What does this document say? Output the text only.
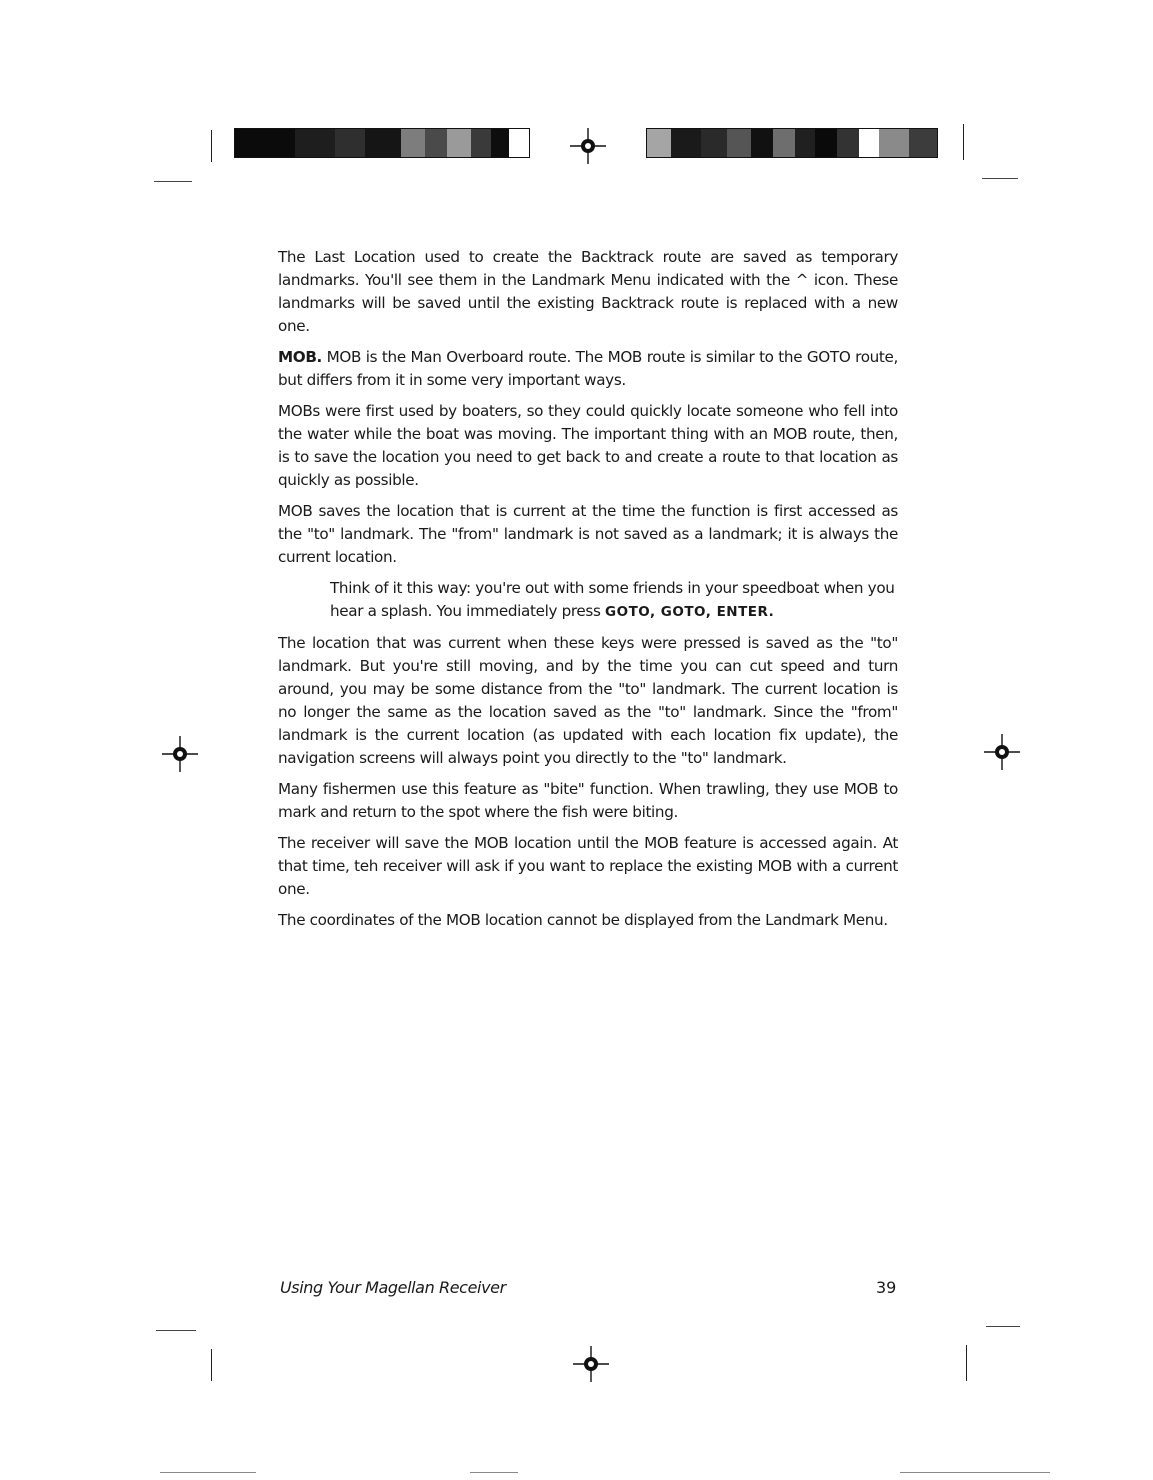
The Last Location used to create the Backtrack route are saved as temporary landmarks. You'll see them in the Landmark Menu indicated with the ^ icon. These landmarks will be saved until the existing Backtrack route is replaced with a new one.

MOB. MOB is the Man Overboard route. The MOB route is similar to the GOTO route, but differs from it in some very important ways.

MOBs were first used by boaters, so they could quickly locate someone who fell into the water while the boat was moving. The important thing with an MOB route, then, is to save the location you need to get back to and create a route to that location as quickly as possible.

MOB saves the location that is current at the time the function is first accessed as the "to" landmark. The "from" landmark is not saved as a landmark; it is always the current location.

Think of it this way: you're out with some friends in your speedboat when you hear a splash. You immediately press GOTO, GOTO, ENTER.

The location that was current when these keys were pressed is saved as the "to" landmark. But you're still moving, and by the time you can cut speed and turn around, you may be some distance from the "to" landmark. The current location is no longer the same as the location saved as the "to" landmark. Since the "from" landmark is the current location (as updated with each location fix update), the navigation screens will always point you directly to the "to" landmark.

Many fishermen use this feature as "bite" function. When trawling, they use MOB to mark and return to the spot where the fish were biting.

The receiver will save the MOB location until the MOB feature is accessed again. At that time, teh receiver will ask if you want to replace the existing MOB with a current one.

The coordinates of the MOB location cannot be displayed from the Landmark Menu.

Using Your Magellan Receiver	39
